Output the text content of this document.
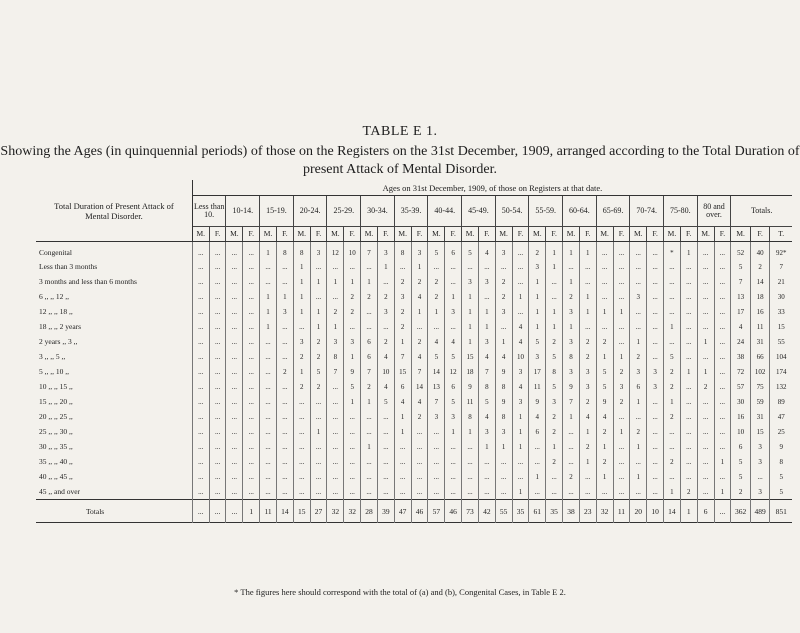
TABLE E 1.
Showing the Ages (in quinquennial periods) of those on the Registers on the 31st December, 1909, arranged according to the Total Duration of present Attack of Mental Disorder.
Total Duration of Present Attack of Mental Disorder.	Ages on 31st December, 1909, of those on Registers at that date.																																		
	Less than 10.		10-14.		15-19.		20-24.		25-29.		30-34.		35-39.		40-44.		45-49.		50-54.		55-59.		60-64.		65-69.		70-74.		75-80.		80 and over.		Totals.		
	M.	F.	M.	F.	M.	F.	M.	F.	M.	F.	M.	F.	M.	F.	M.	F.	M.	F.	M.	F.	M.	F.	M.	F.	M.	F.	M.	F.	M.	F.	M.	F.	M.	F.	T.
Congenital	...	...	...	...	1	8	8	3	12	10	7	3	8	3	5	6	5	4	3	...	2	1	1	1	...	...	...	...	*	1	...	...	52	40	92*
Less than 3 months	...	...	...	...	...	...	1	...	...	...	...	1	...	1	...	...	...	...	...	...	3	1	...	...	...	...	...	...	...	...	...	...	5	2	7
3 months and less than 6 months	...	...	...	...	...	...	1	1	1	1	1	...	2	2	2	...	3	3	2	...	1	...	1	...	...	...	...	...	...	...	...	...	7	14	21
6 ,, ,, 12 ,,	...	...	...	...	1	1	1	...	...	2	2	2	3	4	2	1	1	...	2	1	1	...	2	1	...	...	3	...	...	...	...	...	13	18	30
12 ,, ,, 18 ,,	...	...	...	...	1	3	1	1	2	2	...	3	2	1	1	3	1	1	3	...	1	1	3	1	1	1	...	...	...	...	...	...	17	16	33
18 ,, ,, 2 years	...	...	...	...	1	...	...	1	1	...	...	...	2	...	...	...	1	1	...	4	1	1	1	...	...	...	...	...	1	...	...	...	4	11	15
2 years ,, 3 ,,	...	...	...	...	...	...	3	2	3	3	6	2	1	2	4	4	1	3	1	4	5	2	3	2	2	...	1	...	...	...	1	...	24	31	55
3 ,, ,, 5 ,,	...	...	...	...	...	...	2	2	8	1	6	4	7	4	5	5	15	4	4	10	3	5	8	2	1	1	2	...	5	...	...	...	38	66	104
5 ,, ,, 10 ,,	...	...	...	...	...	2	1	5	7	9	7	10	15	7	14	12	18	7	9	3	17	8	3	3	5	2	3	3	2	1	1	...	72	102	174
10 ,, ,, 15 ,,	...	...	...	...	...	...	2	2	...	5	2	4	6	14	13	6	9	8	8	4	11	5	9	3	5	3	6	3	2	...	2	...	57	75	132
15 ,, ,, 20 ,,	...	...	...	...	...	...	...	...	...	1	1	5	4	4	7	5	11	5	9	3	9	3	7	2	9	2	1	...	1	...	...	...	30	59	89
20 ,, ,, 25 ,,	...	...	...	...	...	...	...	...	...	...	...	...	1	2	3	3	8	4	8	1	4	2	1	4	4	...	...	...	2	...	...	...	16	31	47
25 ,, ,, 30 ,,	...	...	...	...	...	...	...	1	...	...	...	...	1	...	...	1	1	3	3	1	6	2	...	1	2	1	2	...	...	...	...	...	10	15	25
30 ,, ,, 35 ,,	...	...	...	...	...	...	...	...	...	...	1	...	...	...	...	...	...	1	1	1	...	1	...	2	1	...	1	...	...	...	...	...	6	3	9
35 ,, ,, 40 ,,	...	...	...	...	...	...	...	...	...	...	...	...	...	...	...	...	...	...	...	...	...	2	...	1	2	...	...	...	2	...	...	1	5	3	8
40 ,, ,, 45 ,,	...	...	...	...	...	...	...	...	...	...	...	...	...	...	...	...	...	...	...	...	1	...	2	...	1	...	1	...	...	...	...	...	5	...	5
45 ,, and over	...	...	...	...	...	...	...	...	...	...	...	...	...	...	...	...	...	...	...	1	...	...	...	...	...	...	...	...	1	2	...	1	2	3	5
Totals	...	...	...	1	11	14	15	27	32	32	28	39	47	46	57	46	73	42	55	35	61	35	38	23	32	11	20	10	14	1	6	...	362	489	851
* The figures here should correspond with the total of (a) and (b), Congenital Cases, in Table E 2.
